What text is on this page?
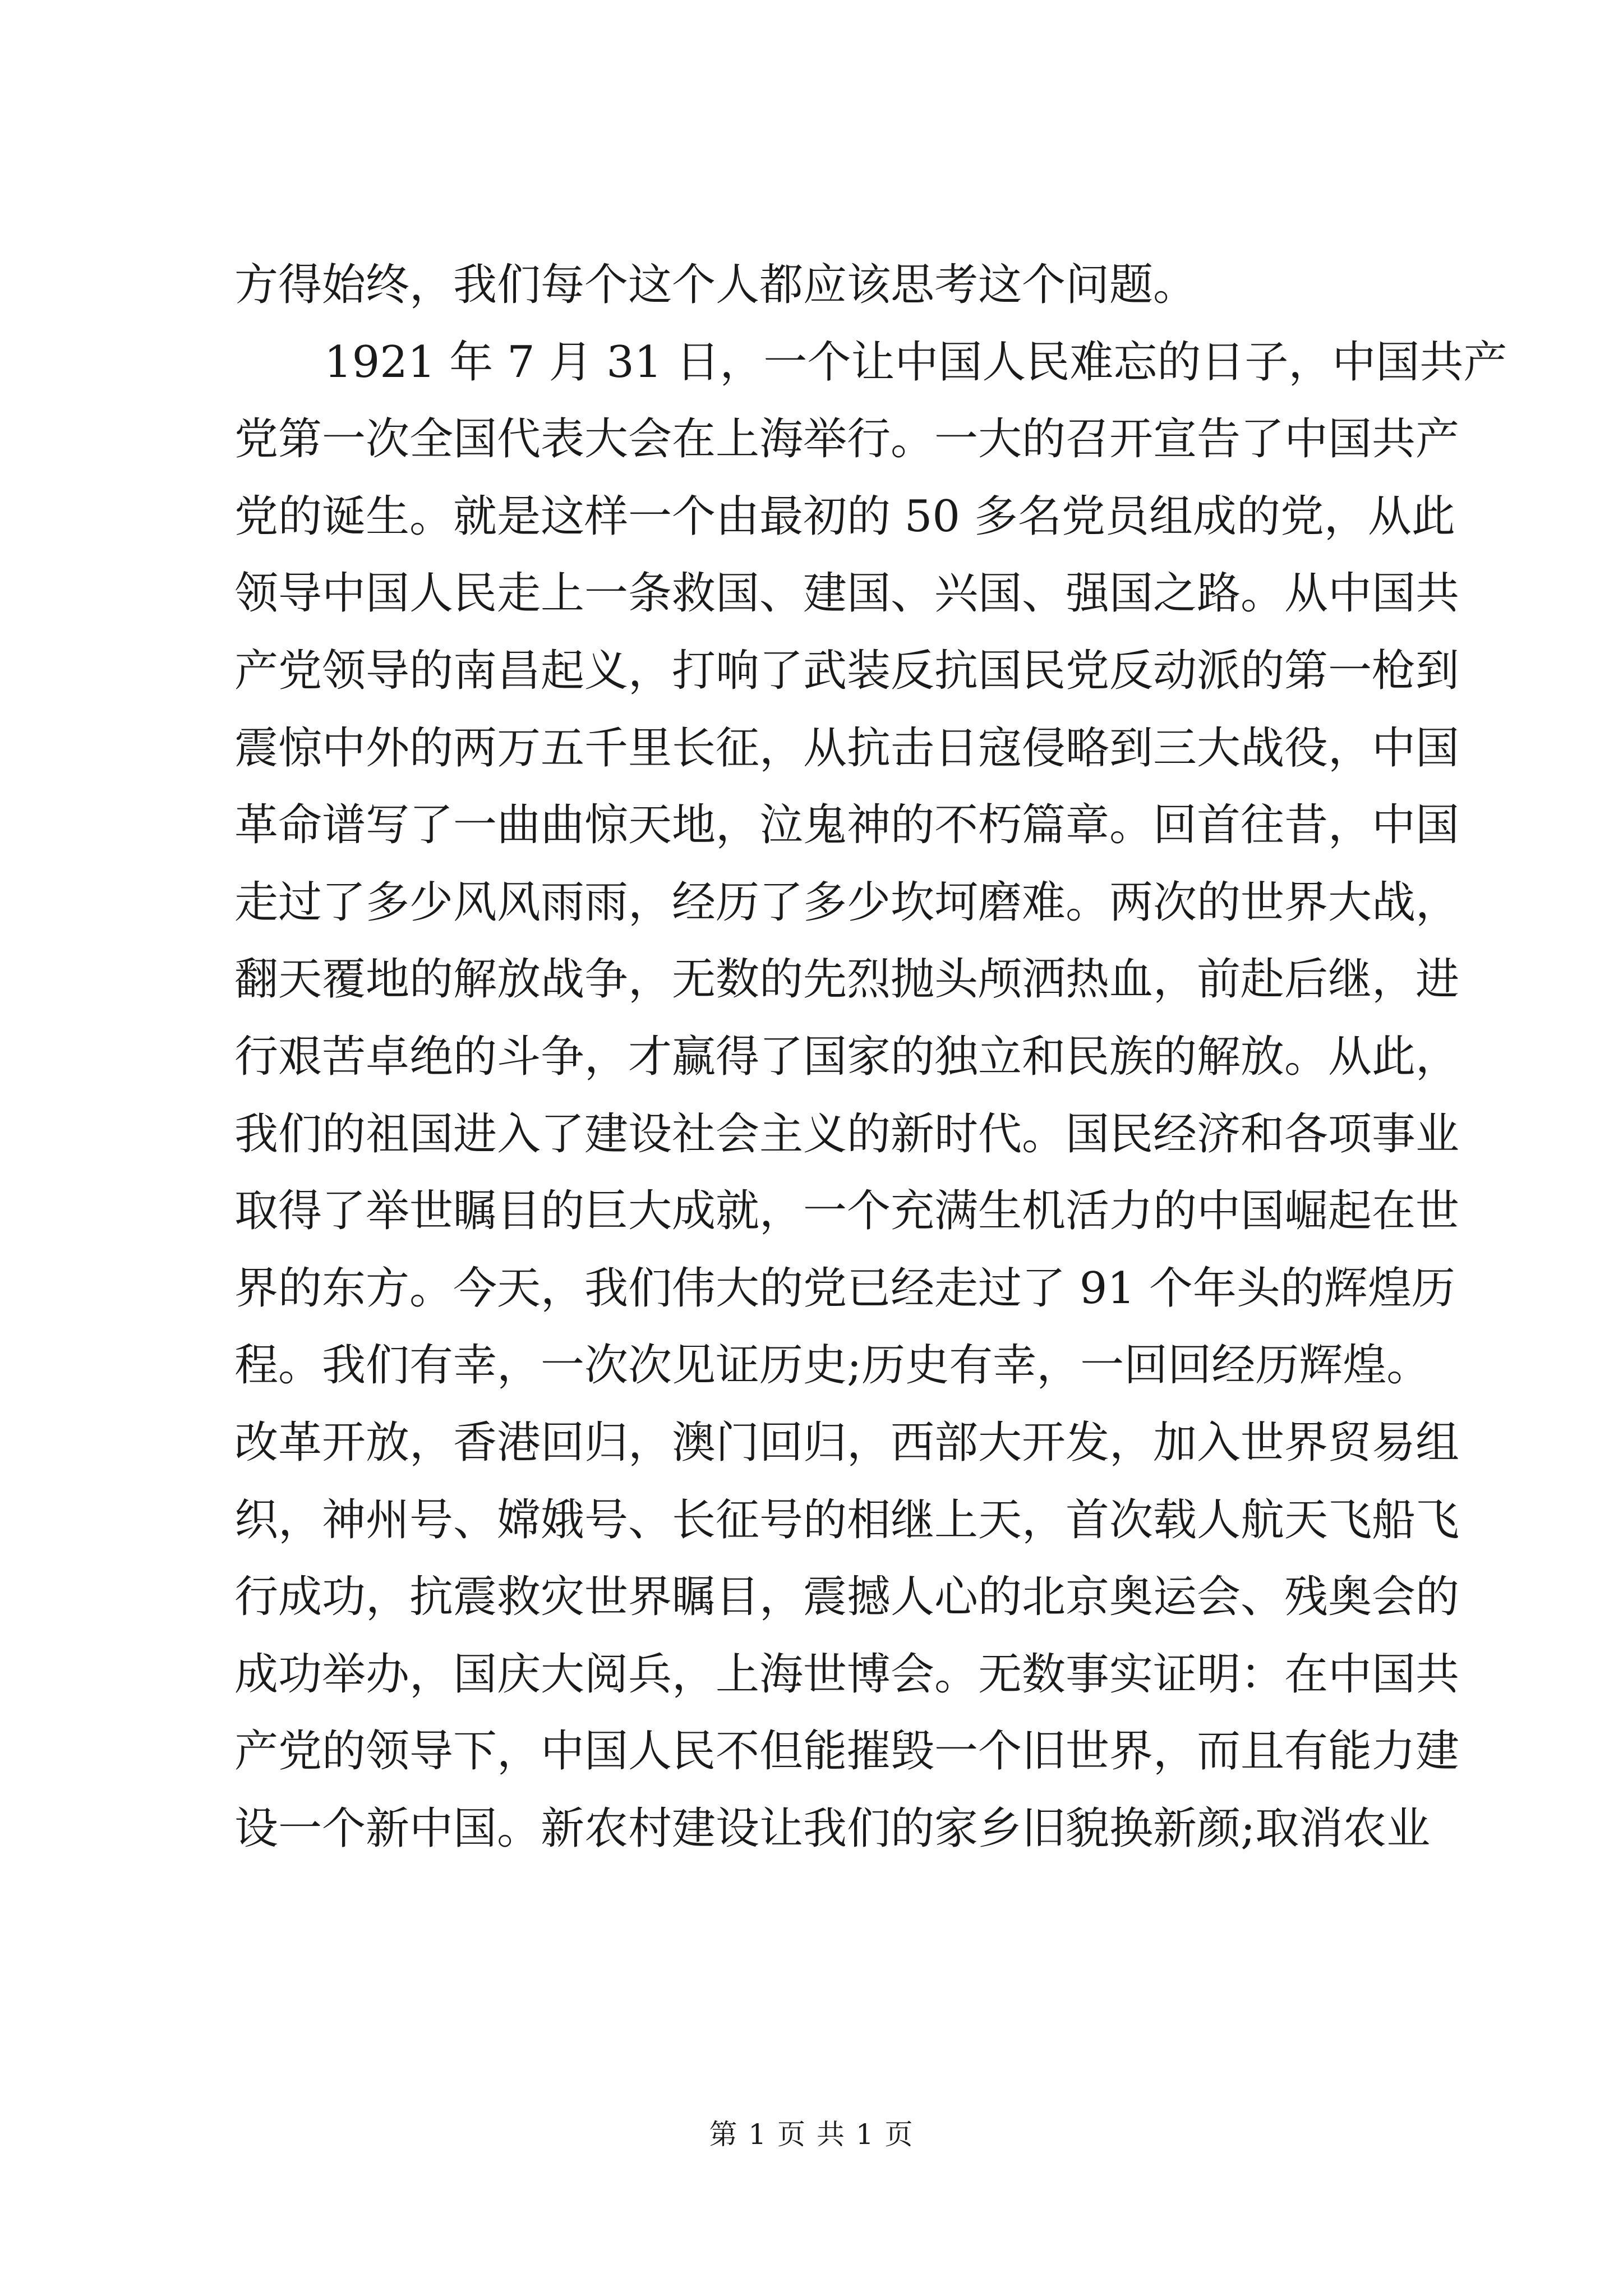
方得始终，我们每个这个人都应该思考这个问题。
1921 年 7 月 31 日，一个让中国人民难忘的日子，中国共产
党第一次全国代表大会在上海举行。一大的召开宣告了中国共产
党的诞生。就是这样一个由最初的 50 多名党员组成的党，从此
领导中国人民走上一条救国、建国、兴国、强国之路。从中国共
产党领导的南昌起义，打响了武装反抗国民党反动派的第一枪到
震惊中外的两万五千里长征，从抗击日寇侵略到三大战役，中国
革命谱写了一曲曲惊天地，泣鬼神的不朽篇章。回首往昔，中国
走过了多少风风雨雨，经历了多少坎坷磨难。两次的世界大战，
翻天覆地的解放战争，无数的先烈抛头颅洒热血，前赴后继，进
行艰苦卓绝的斗争，才赢得了国家的独立和民族的解放。从此，
我们的祖国进入了建设社会主义的新时代。国民经济和各项事业
取得了举世瞩目的巨大成就，一个充满生机活力的中国崛起在世
界的东方。今天，我们伟大的党已经走过了 91 个年头的辉煌历
程。我们有幸，一次次见证历史;历史有幸，一回回经历辉煌。
改革开放，香港回归，澳门回归，西部大开发，加入世界贸易组
织，神州号、嫦娥号、长征号的相继上天，首次载人航天飞船飞
行成功，抗震救灾世界瞩目，震撼人心的北京奥运会、残奥会的
成功举办，国庆大阅兵，上海世博会。无数事实证明：在中国共
产党的领导下，中国人民不但能摧毁一个旧世界，而且有能力建
设一个新中国。新农村建设让我们的家乡旧貌换新颜;取消农业
第 1 页 共 1 页
